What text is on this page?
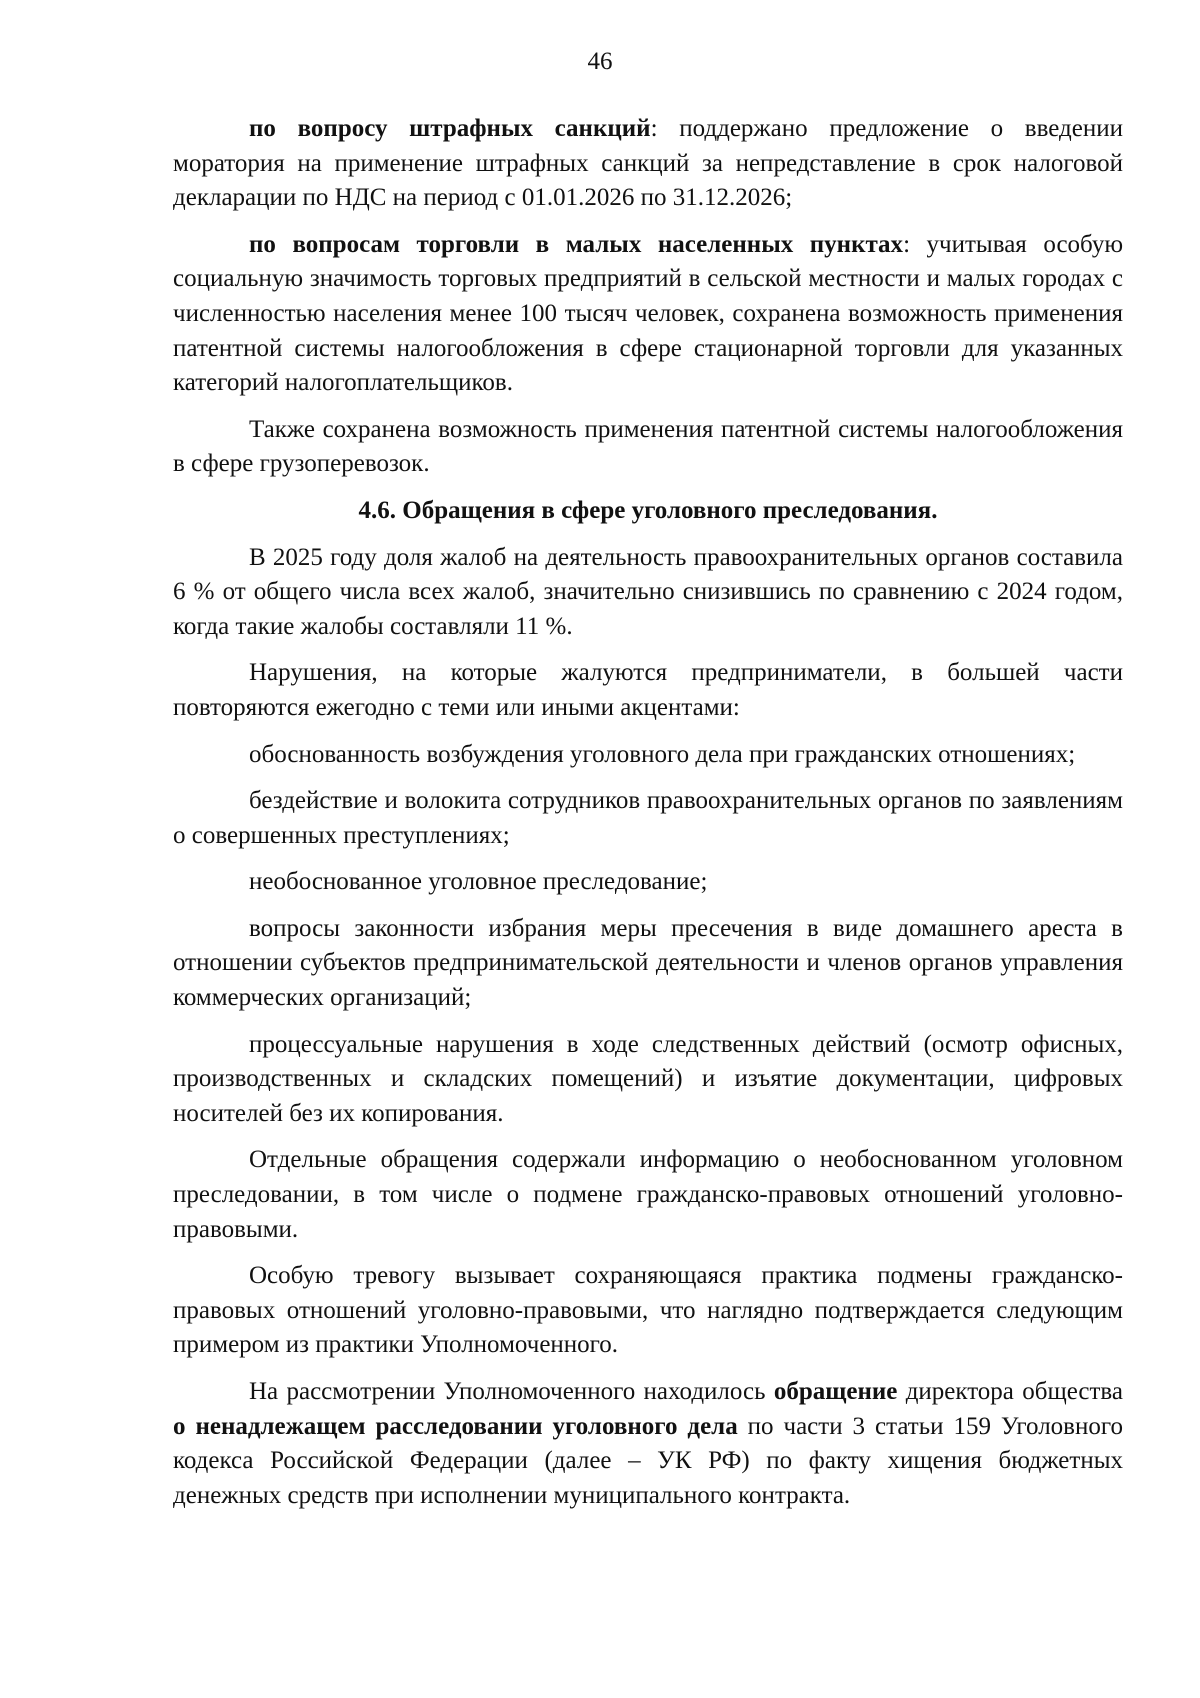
46

по вопросу штрафных санкций: поддержано предложение о введении моратория на применение штрафных санкций за непредставление в срок налоговой декларации по НДС на период с 01.01.2026 по 31.12.2026;

по вопросам торговли в малых населенных пунктах: учитывая особую социальную значимость торговых предприятий в сельской местности и малых городах с численностью населения менее 100 тысяч человек, сохранена возможность применения патентной системы налогообложения в сфере стационарной торговли для указанных категорий налогоплательщиков.

Также сохранена возможность применения патентной системы налогообложения в сфере грузоперевозок.

4.6. Обращения в сфере уголовного преследования.

В 2025 году доля жалоб на деятельность правоохранительных органов составила 6 % от общего числа всех жалоб, значительно снизившись по сравнению с 2024 годом, когда такие жалобы составляли 11 %.

Нарушения, на которые жалуются предприниматели, в большей части повторяются ежегодно с теми или иными акцентами:

обоснованность возбуждения уголовного дела при гражданских отношениях;

бездействие и волокита сотрудников правоохранительных органов по заявлениям о совершенных преступлениях;

необоснованное уголовное преследование;

вопросы законности избрания меры пресечения в виде домашнего ареста в отношении субъектов предпринимательской деятельности и членов органов управления коммерческих организаций;

процессуальные нарушения в ходе следственных действий (осмотр офисных, производственных и складских помещений) и изъятие документации, цифровых носителей без их копирования.

Отдельные обращения содержали информацию о необоснованном уголовном преследовании, в том числе о подмене гражданско-правовых отношений уголовно-правовыми.

Особую тревогу вызывает сохраняющаяся практика подмены гражданско-правовых отношений уголовно-правовыми, что наглядно подтверждается следующим примером из практики Уполномоченного.

На рассмотрении Уполномоченного находилось обращение директора общества о ненадлежащем расследовании уголовного дела по части 3 статьи 159 Уголовного кодекса Российской Федерации (далее – УК РФ) по факту хищения бюджетных денежных средств при исполнении муниципального контракта.
